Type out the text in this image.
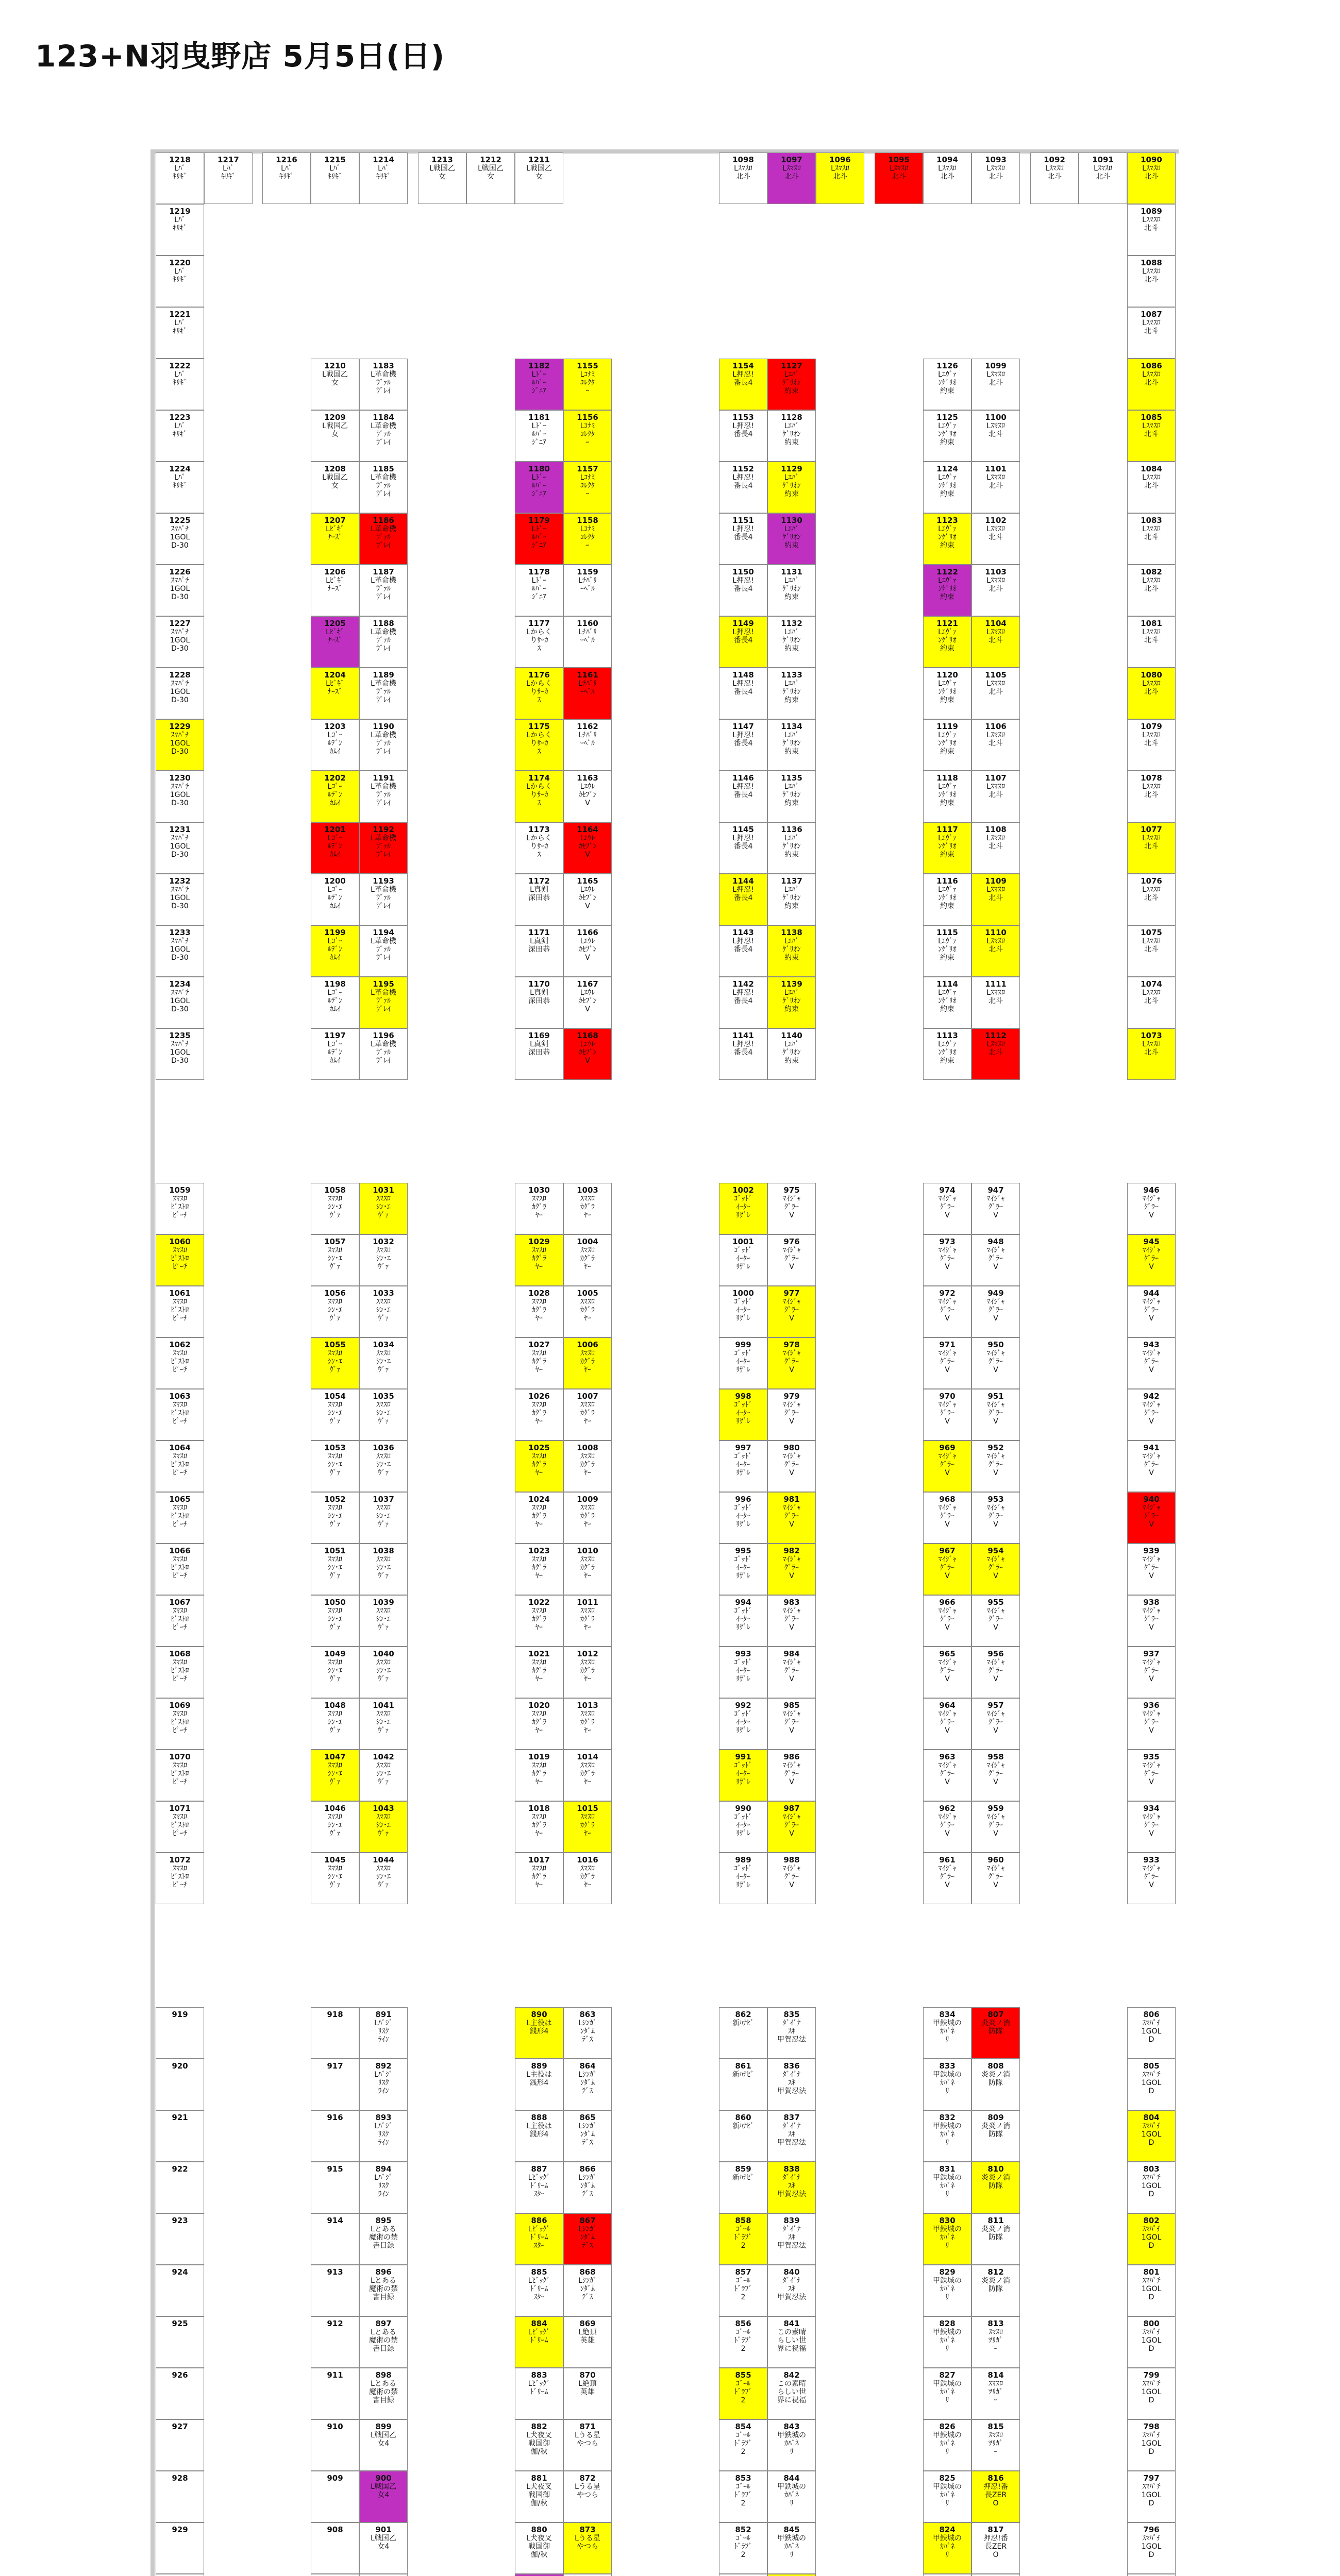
123+N羽曳野店 5月5日(日)
806
ｽﾏﾊﾟﾁ
1GOL
D
805
ｽﾏﾊﾟﾁ
1GOL
D
804
ｽﾏﾊﾟﾁ
1GOL
D
803
ｽﾏﾊﾟﾁ
1GOL
D
802
ｽﾏﾊﾟﾁ
1GOL
D
801
ｽﾏﾊﾟﾁ
1GOL
D
800
ｽﾏﾊﾟﾁ
1GOL
D
799
ｽﾏﾊﾟﾁ
1GOL
D
798
ｽﾏﾊﾟﾁ
1GOL
D
797
ｽﾏﾊﾟﾁ
1GOL
D
796
ｽﾏﾊﾟﾁ
1GOL
D
807
炎炎ノ消
防隊
808
炎炎ノ消
防隊
809
炎炎ノ消
防隊
810
炎炎ノ消
防隊
811
炎炎ノ消
防隊
812
炎炎ノ消
防隊
813
ｽﾏｽﾛ
ﾂﾘｶﾞ
ｰ
814
ｽﾏｽﾛ
ﾂﾘｶﾞ
ｰ
815
ｽﾏｽﾛ
ﾂﾘｶﾞ
ｰ
816
押忍!番
長ZER
O
817
押忍!番
長ZER
O
834
甲鉄城の
ｶﾊﾞﾈ
ﾘ
833
甲鉄城の
ｶﾊﾞﾈ
ﾘ
832
甲鉄城の
ｶﾊﾞﾈ
ﾘ
831
甲鉄城の
ｶﾊﾞﾈ
ﾘ
830
甲鉄城の
ｶﾊﾞﾈ
ﾘ
829
甲鉄城の
ｶﾊﾞﾈ
ﾘ
828
甲鉄城の
ｶﾊﾞﾈ
ﾘ
827
甲鉄城の
ｶﾊﾞﾈ
ﾘ
826
甲鉄城の
ｶﾊﾞﾈ
ﾘ
825
甲鉄城の
ｶﾊﾞﾈ
ﾘ
824
甲鉄城の
ｶﾊﾞﾈ
ﾘ
835
ﾀﾞｲﾞﾅ
ｽｷ
甲賀忍法
836
ﾀﾞｲﾞﾅ
ｽｷ
甲賀忍法
837
ﾀﾞｲﾞﾅ
ｽｷ
甲賀忍法
838
ﾀﾞｲﾞﾅ
ｽｷ
甲賀忍法
839
ﾀﾞｲﾞﾅ
ｽｷ
甲賀忍法
840
ﾀﾞｲﾞﾅ
ｽｷ
甲賀忍法
841
この素晴
らしい世
界に祝福
842
この素晴
らしい世
界に祝福
843
甲鉄城の
ｶﾊﾞﾈ
ﾘ
844
甲鉄城の
ｶﾊﾞﾈ
ﾘ
845
甲鉄城の
ｶﾊﾞﾈ
ﾘ
858
ｺﾞｰﾙ
ﾄﾞﾗﾌﾞ
2
857
ｺﾞｰﾙ
ﾄﾞﾗﾌﾞ
2
856
ｺﾞｰﾙ
ﾄﾞﾗﾌﾞ
2
855
ｺﾞｰﾙ
ﾄﾞﾗﾌﾞ
2
854
ｺﾞｰﾙ
ﾄﾞﾗﾌﾞ
2
853
ｺﾞｰﾙ
ﾄﾞﾗﾌﾞ
2
852
ｺﾞｰﾙ
ﾄﾞﾗﾌﾞ
2
862
新ﾊﾅﾋﾞ

861
新ﾊﾅﾋﾞ

860
新ﾊﾅﾋﾞ

859
新ﾊﾅﾋﾞ

863
Lｼﾝｶﾞ
ﾝﾀﾞﾑ
ﾃﾞｽ
864
Lｼﾝｶﾞ
ﾝﾀﾞﾑ
ﾃﾞｽ
865
Lｼﾝｶﾞ
ﾝﾀﾞﾑ
ﾃﾞｽ
866
Lｼﾝｶﾞ
ﾝﾀﾞﾑ
ﾃﾞｽ
867
Lｼﾝｶﾞ
ﾝﾀﾞﾑ
ﾃﾞｽ
868
Lｼﾝｶﾞ
ﾝﾀﾞﾑ
ﾃﾞｽ
869
L絶頂
英雄
870
L絶頂
英雄
871
Lうる星
やつら
872
Lうる星
やつら
873
Lうる星
やつら
882
L犬夜叉
戦国御
伽/秋
881
L犬夜叉
戦国御
伽/秋
880
L犬夜叉
戦国御
伽/秋
884
Lﾋﾞｯｸﾞ
ﾄﾞﾘｰﾑ
883
Lﾋﾞｯｸﾞ
ﾄﾞﾘｰﾑ
887
Lﾋﾞｯｸﾞ
ﾄﾞﾘｰﾑ
ｽﾀｰ
886
Lﾋﾞｯｸﾞ
ﾄﾞﾘｰﾑ
ｽﾀｰ
885
Lﾋﾞｯｸﾞ
ﾄﾞﾘｰﾑ
ｽﾀｰ
890
L主役は
銭形4
889
L主役は
銭形4
888
L主役は
銭形4
891
Lﾊﾞｼﾞ
ﾘｽｸ
ﾗｲﾝ
892
Lﾊﾞｼﾞ
ﾘｽｸ
ﾗｲﾝ
893
Lﾊﾞｼﾞ
ﾘｽｸ
ﾗｲﾝ
894
Lﾊﾞｼﾞ
ﾘｽｸ
ﾗｲﾝ
895
Lとある
魔術の禁
書目録
896
Lとある
魔術の禁
書目録
897
Lとある
魔術の禁
書目録
898
Lとある
魔術の禁
書目録
899
L戦国乙
女4
900
L戦国乙
女4
901
L戦国乙
女4
918
917
916
915
914
913
912
911
910
909
908
919
920
921
922
923
924
925
926
927
928
929
946
ﾏｲｼﾞｬ
ｸﾞﾗｰ
V
945
ﾏｲｼﾞｬ
ｸﾞﾗｰ
V
944
ﾏｲｼﾞｬ
ｸﾞﾗｰ
V
943
ﾏｲｼﾞｬ
ｸﾞﾗｰ
V
942
ﾏｲｼﾞｬ
ｸﾞﾗｰ
V
941
ﾏｲｼﾞｬ
ｸﾞﾗｰ
V
940
ﾏｲｼﾞｬ
ｸﾞﾗｰ
V
939
ﾏｲｼﾞｬ
ｸﾞﾗｰ
V
938
ﾏｲｼﾞｬ
ｸﾞﾗｰ
V
937
ﾏｲｼﾞｬ
ｸﾞﾗｰ
V
936
ﾏｲｼﾞｬ
ｸﾞﾗｰ
V
935
ﾏｲｼﾞｬ
ｸﾞﾗｰ
V
934
ﾏｲｼﾞｬ
ｸﾞﾗｰ
V
933
ﾏｲｼﾞｬ
ｸﾞﾗｰ
V
947
ﾏｲｼﾞｬ
ｸﾞﾗｰ
V
948
ﾏｲｼﾞｬ
ｸﾞﾗｰ
V
949
ﾏｲｼﾞｬ
ｸﾞﾗｰ
V
950
ﾏｲｼﾞｬ
ｸﾞﾗｰ
V
951
ﾏｲｼﾞｬ
ｸﾞﾗｰ
V
952
ﾏｲｼﾞｬ
ｸﾞﾗｰ
V
953
ﾏｲｼﾞｬ
ｸﾞﾗｰ
V
954
ﾏｲｼﾞｬ
ｸﾞﾗｰ
V
955
ﾏｲｼﾞｬ
ｸﾞﾗｰ
V
956
ﾏｲｼﾞｬ
ｸﾞﾗｰ
V
957
ﾏｲｼﾞｬ
ｸﾞﾗｰ
V
958
ﾏｲｼﾞｬ
ｸﾞﾗｰ
V
959
ﾏｲｼﾞｬ
ｸﾞﾗｰ
V
960
ﾏｲｼﾞｬ
ｸﾞﾗｰ
V
974
ﾏｲｼﾞｬ
ｸﾞﾗｰ
V
973
ﾏｲｼﾞｬ
ｸﾞﾗｰ
V
972
ﾏｲｼﾞｬ
ｸﾞﾗｰ
V
971
ﾏｲｼﾞｬ
ｸﾞﾗｰ
V
970
ﾏｲｼﾞｬ
ｸﾞﾗｰ
V
969
ﾏｲｼﾞｬ
ｸﾞﾗｰ
V
968
ﾏｲｼﾞｬ
ｸﾞﾗｰ
V
967
ﾏｲｼﾞｬ
ｸﾞﾗｰ
V
966
ﾏｲｼﾞｬ
ｸﾞﾗｰ
V
965
ﾏｲｼﾞｬ
ｸﾞﾗｰ
V
964
ﾏｲｼﾞｬ
ｸﾞﾗｰ
V
963
ﾏｲｼﾞｬ
ｸﾞﾗｰ
V
962
ﾏｲｼﾞｬ
ｸﾞﾗｰ
V
961
ﾏｲｼﾞｬ
ｸﾞﾗｰ
V
975
ﾏｲｼﾞｬ
ｸﾞﾗｰ
V
976
ﾏｲｼﾞｬ
ｸﾞﾗｰ
V
977
ﾏｲｼﾞｬ
ｸﾞﾗｰ
V
978
ﾏｲｼﾞｬ
ｸﾞﾗｰ
V
979
ﾏｲｼﾞｬ
ｸﾞﾗｰ
V
980
ﾏｲｼﾞｬ
ｸﾞﾗｰ
V
981
ﾏｲｼﾞｬ
ｸﾞﾗｰ
V
982
ﾏｲｼﾞｬ
ｸﾞﾗｰ
V
983
ﾏｲｼﾞｬ
ｸﾞﾗｰ
V
984
ﾏｲｼﾞｬ
ｸﾞﾗｰ
V
985
ﾏｲｼﾞｬ
ｸﾞﾗｰ
V
986
ﾏｲｼﾞｬ
ｸﾞﾗｰ
V
987
ﾏｲｼﾞｬ
ｸﾞﾗｰ
V
988
ﾏｲｼﾞｬ
ｸﾞﾗｰ
V
1002
ｺﾞｯﾄﾞ
ｲｰﾀｰ
ﾘｻﾞﾚ
1001
ｺﾞｯﾄﾞ
ｲｰﾀｰ
ﾘｻﾞﾚ
1000
ｺﾞｯﾄﾞ
ｲｰﾀｰ
ﾘｻﾞﾚ
999
ｺﾞｯﾄﾞ
ｲｰﾀｰ
ﾘｻﾞﾚ
998
ｺﾞｯﾄﾞ
ｲｰﾀｰ
ﾘｻﾞﾚ
997
ｺﾞｯﾄﾞ
ｲｰﾀｰ
ﾘｻﾞﾚ
996
ｺﾞｯﾄﾞ
ｲｰﾀｰ
ﾘｻﾞﾚ
995
ｺﾞｯﾄﾞ
ｲｰﾀｰ
ﾘｻﾞﾚ
994
ｺﾞｯﾄﾞ
ｲｰﾀｰ
ﾘｻﾞﾚ
993
ｺﾞｯﾄﾞ
ｲｰﾀｰ
ﾘｻﾞﾚ
992
ｺﾞｯﾄﾞ
ｲｰﾀｰ
ﾘｻﾞﾚ
991
ｺﾞｯﾄﾞ
ｲｰﾀｰ
ﾘｻﾞﾚ
990
ｺﾞｯﾄﾞ
ｲｰﾀｰ
ﾘｻﾞﾚ
989
ｺﾞｯﾄﾞ
ｲｰﾀｰ
ﾘｻﾞﾚ
1003
ｽﾏｽﾛ
ｶｸﾞﾗ
ﾔｰ
1004
ｽﾏｽﾛ
ｶｸﾞﾗ
ﾔｰ
1005
ｽﾏｽﾛ
ｶｸﾞﾗ
ﾔｰ
1006
ｽﾏｽﾛ
ｶｸﾞﾗ
ﾔｰ
1007
ｽﾏｽﾛ
ｶｸﾞﾗ
ﾔｰ
1008
ｽﾏｽﾛ
ｶｸﾞﾗ
ﾔｰ
1009
ｽﾏｽﾛ
ｶｸﾞﾗ
ﾔｰ
1010
ｽﾏｽﾛ
ｶｸﾞﾗ
ﾔｰ
1011
ｽﾏｽﾛ
ｶｸﾞﾗ
ﾔｰ
1012
ｽﾏｽﾛ
ｶｸﾞﾗ
ﾔｰ
1013
ｽﾏｽﾛ
ｶｸﾞﾗ
ﾔｰ
1014
ｽﾏｽﾛ
ｶｸﾞﾗ
ﾔｰ
1015
ｽﾏｽﾛ
ｶｸﾞﾗ
ﾔｰ
1016
ｽﾏｽﾛ
ｶｸﾞﾗ
ﾔｰ
1030
ｽﾏｽﾛ
ｶｸﾞﾗ
ﾔｰ
1029
ｽﾏｽﾛ
ｶｸﾞﾗ
ﾔｰ
1028
ｽﾏｽﾛ
ｶｸﾞﾗ
ﾔｰ
1027
ｽﾏｽﾛ
ｶｸﾞﾗ
ﾔｰ
1026
ｽﾏｽﾛ
ｶｸﾞﾗ
ﾔｰ
1025
ｽﾏｽﾛ
ｶｸﾞﾗ
ﾔｰ
1024
ｽﾏｽﾛ
ｶｸﾞﾗ
ﾔｰ
1023
ｽﾏｽﾛ
ｶｸﾞﾗ
ﾔｰ
1022
ｽﾏｽﾛ
ｶｸﾞﾗ
ﾔｰ
1021
ｽﾏｽﾛ
ｶｸﾞﾗ
ﾔｰ
1020
ｽﾏｽﾛ
ｶｸﾞﾗ
ﾔｰ
1019
ｽﾏｽﾛ
ｶｸﾞﾗ
ﾔｰ
1018
ｽﾏｽﾛ
ｶｸﾞﾗ
ﾔｰ
1017
ｽﾏｽﾛ
ｶｸﾞﾗ
ﾔｰ
1031
ｽﾏｽﾛ
ｼﾝ･ｴ
ｳﾞｧ
1032
ｽﾏｽﾛ
ｼﾝ･ｴ
ｳﾞｧ
1033
ｽﾏｽﾛ
ｼﾝ･ｴ
ｳﾞｧ
1034
ｽﾏｽﾛ
ｼﾝ･ｴ
ｳﾞｧ
1035
ｽﾏｽﾛ
ｼﾝ･ｴ
ｳﾞｧ
1036
ｽﾏｽﾛ
ｼﾝ･ｴ
ｳﾞｧ
1037
ｽﾏｽﾛ
ｼﾝ･ｴ
ｳﾞｧ
1038
ｽﾏｽﾛ
ｼﾝ･ｴ
ｳﾞｧ
1039
ｽﾏｽﾛ
ｼﾝ･ｴ
ｳﾞｧ
1040
ｽﾏｽﾛ
ｼﾝ･ｴ
ｳﾞｧ
1041
ｽﾏｽﾛ
ｼﾝ･ｴ
ｳﾞｧ
1042
ｽﾏｽﾛ
ｼﾝ･ｴ
ｳﾞｧ
1043
ｽﾏｽﾛ
ｼﾝ･ｴ
ｳﾞｧ
1044
ｽﾏｽﾛ
ｼﾝ･ｴ
ｳﾞｧ
1058
ｽﾏｽﾛ
ｼﾝ･ｴ
ｳﾞｧ
1057
ｽﾏｽﾛ
ｼﾝ･ｴ
ｳﾞｧ
1056
ｽﾏｽﾛ
ｼﾝ･ｴ
ｳﾞｧ
1055
ｽﾏｽﾛ
ｼﾝ･ｴ
ｳﾞｧ
1054
ｽﾏｽﾛ
ｼﾝ･ｴ
ｳﾞｧ
1053
ｽﾏｽﾛ
ｼﾝ･ｴ
ｳﾞｧ
1052
ｽﾏｽﾛ
ｼﾝ･ｴ
ｳﾞｧ
1051
ｽﾏｽﾛ
ｼﾝ･ｴ
ｳﾞｧ
1050
ｽﾏｽﾛ
ｼﾝ･ｴ
ｳﾞｧ
1049
ｽﾏｽﾛ
ｼﾝ･ｴ
ｳﾞｧ
1048
ｽﾏｽﾛ
ｼﾝ･ｴ
ｳﾞｧ
1047
ｽﾏｽﾛ
ｼﾝ･ｴ
ｳﾞｧ
1046
ｽﾏｽﾛ
ｼﾝ･ｴ
ｳﾞｧ
1045
ｽﾏｽﾛ
ｼﾝ･ｴ
ｳﾞｧ
1059
ｽﾏｽﾛ
ﾋﾞｽﾄﾛ
ﾋﾟｰﾁ
1060
ｽﾏｽﾛ
ﾋﾞｽﾄﾛ
ﾋﾟｰﾁ
1061
ｽﾏｽﾛ
ﾋﾞｽﾄﾛ
ﾋﾟｰﾁ
1062
ｽﾏｽﾛ
ﾋﾞｽﾄﾛ
ﾋﾟｰﾁ
1063
ｽﾏｽﾛ
ﾋﾞｽﾄﾛ
ﾋﾟｰﾁ
1064
ｽﾏｽﾛ
ﾋﾞｽﾄﾛ
ﾋﾟｰﾁ
1065
ｽﾏｽﾛ
ﾋﾞｽﾄﾛ
ﾋﾟｰﾁ
1066
ｽﾏｽﾛ
ﾋﾞｽﾄﾛ
ﾋﾟｰﾁ
1067
ｽﾏｽﾛ
ﾋﾞｽﾄﾛ
ﾋﾟｰﾁ
1068
ｽﾏｽﾛ
ﾋﾞｽﾄﾛ
ﾋﾟｰﾁ
1069
ｽﾏｽﾛ
ﾋﾞｽﾄﾛ
ﾋﾟｰﾁ
1070
ｽﾏｽﾛ
ﾋﾞｽﾄﾛ
ﾋﾟｰﾁ
1071
ｽﾏｽﾛ
ﾋﾞｽﾄﾛ
ﾋﾟｰﾁ
1072
ｽﾏｽﾛ
ﾋﾞｽﾄﾛ
ﾋﾟｰﾁ
1089
Lｽﾏｽﾛ
北斗
1088
Lｽﾏｽﾛ
北斗
1087
Lｽﾏｽﾛ
北斗
1086
Lｽﾏｽﾛ
北斗
1085
Lｽﾏｽﾛ
北斗
1084
Lｽﾏｽﾛ
北斗
1083
Lｽﾏｽﾛ
北斗
1082
Lｽﾏｽﾛ
北斗
1081
Lｽﾏｽﾛ
北斗
1080
Lｽﾏｽﾛ
北斗
1079
Lｽﾏｽﾛ
北斗
1078
Lｽﾏｽﾛ
北斗
1077
Lｽﾏｽﾛ
北斗
1076
Lｽﾏｽﾛ
北斗
1075
Lｽﾏｽﾛ
北斗
1074
Lｽﾏｽﾛ
北斗
1073
Lｽﾏｽﾛ
北斗
1090
Lｽﾏｽﾛ
北斗
1091
Lｽﾏｽﾛ
北斗
1092
Lｽﾏｽﾛ
北斗
1093
Lｽﾏｽﾛ
北斗
1094
Lｽﾏｽﾛ
北斗
1095
Lｽﾏｽﾛ
北斗
1096
Lｽﾏｽﾛ
北斗
1097
Lｽﾏｽﾛ
北斗
1098
Lｽﾏｽﾛ
北斗
1099
Lｽﾏｽﾛ
北斗
1100
Lｽﾏｽﾛ
北斗
1101
Lｽﾏｽﾛ
北斗
1102
Lｽﾏｽﾛ
北斗
1103
Lｽﾏｽﾛ
北斗
1104
Lｽﾏｽﾛ
北斗
1105
Lｽﾏｽﾛ
北斗
1106
Lｽﾏｽﾛ
北斗
1107
Lｽﾏｽﾛ
北斗
1108
Lｽﾏｽﾛ
北斗
1109
Lｽﾏｽﾛ
北斗
1110
Lｽﾏｽﾛ
北斗
1111
Lｽﾏｽﾛ
北斗
1112
Lｽﾏｽﾛ
北斗
1126
Lｴｳﾞｧ
ﾝｹﾞﾘｵ
約束
1125
Lｴｳﾞｧ
ﾝｹﾞﾘｵ
約束
1124
Lｴｳﾞｧ
ﾝｹﾞﾘｵ
約束
1123
Lｴｳﾞｧ
ﾝｹﾞﾘｵ
約束
1122
Lｴｳﾞｧ
ﾝｹﾞﾘｵ
約束
1121
Lｴｳﾞｧ
ﾝｹﾞﾘｵ
約束
1120
Lｴｳﾞｧ
ﾝｹﾞﾘｵ
約束
1119
Lｴｳﾞｧ
ﾝｹﾞﾘｵ
約束
1118
Lｴｳﾞｧ
ﾝｹﾞﾘｵ
約束
1117
Lｴｳﾞｧ
ﾝｹﾞﾘｵ
約束
1116
Lｴｳﾞｧ
ﾝｹﾞﾘｵ
約束
1115
Lｴｳﾞｧ
ﾝｹﾞﾘｵ
約束
1114
Lｴｳﾞｧ
ﾝｹﾞﾘｵ
約束
1113
Lｴｳﾞｧ
ﾝｹﾞﾘｵ
約束
1127
Lｴﾊﾞ
ｹﾞﾘｵﾝ
約束
1128
Lｴﾊﾞ
ｹﾞﾘｵﾝ
約束
1129
Lｴﾊﾞ
ｹﾞﾘｵﾝ
約束
1130
Lｴﾊﾞ
ｹﾞﾘｵﾝ
約束
1131
Lｴﾊﾞ
ｹﾞﾘｵﾝ
約束
1132
Lｴﾊﾞ
ｹﾞﾘｵﾝ
約束
1133
Lｴﾊﾞ
ｹﾞﾘｵﾝ
約束
1134
Lｴﾊﾞ
ｹﾞﾘｵﾝ
約束
1135
Lｴﾊﾞ
ｹﾞﾘｵﾝ
約束
1136
Lｴﾊﾞ
ｹﾞﾘｵﾝ
約束
1137
Lｴﾊﾞ
ｹﾞﾘｵﾝ
約束
1138
Lｴﾊﾞ
ｹﾞﾘｵﾝ
約束
1139
Lｴﾊﾞ
ｹﾞﾘｵﾝ
約束
1140
Lｴﾊﾞ
ｹﾞﾘｵﾝ
約束
1154
L押忍!
番長4
1153
L押忍!
番長4
1152
L押忍!
番長4
1151
L押忍!
番長4
1150
L押忍!
番長4
1149
L押忍!
番長4
1148
L押忍!
番長4
1147
L押忍!
番長4
1146
L押忍!
番長4
1145
L押忍!
番長4
1144
L押忍!
番長4
1143
L押忍!
番長4
1142
L押忍!
番長4
1141
L押忍!
番長4
1155
Lｺﾅﾐ
ｺﾚｸﾀ
ｰ
1156
Lｺﾅﾐ
ｺﾚｸﾀ
ｰ
1157
Lｺﾅﾐ
ｺﾚｸﾀ
ｰ
1158
Lｺﾅﾐ
ｺﾚｸﾀ
ｰ
1159
Lﾁﾊﾞﾘ
ｰﾍﾞﾙ
1160
Lﾁﾊﾞﾘ
ｰﾍﾞﾙ
1161
Lﾁﾊﾞﾘ
ｰﾍﾞﾙ
1162
Lﾁﾊﾞﾘ
ｰﾍﾞﾙ
1163
Lｴｳﾚ
ｶｾﾌﾞﾝ
V
1164
Lｴｳﾚ
ｶｾﾌﾞﾝ
V
1165
Lｴｳﾚ
ｶｾﾌﾞﾝ
V
1166
Lｴｳﾚ
ｶｾﾌﾞﾝ
V
1167
Lｴｳﾚ
ｶｾﾌﾞﾝ
V
1168
Lｴｳﾚ
ｶｾﾌﾞﾝ
V
1172
L真剣
深田恭
1171
L真剣
深田恭
1170
L真剣
深田恭
1169
L真剣
深田恭
1177
Lからく
りｻｰｶ
ｽ
1176
Lからく
りｻｰｶ
ｽ
1175
Lからく
りｻｰｶ
ｽ
1174
Lからく
りｻｰｶ
ｽ
1173
Lからく
りｻｰｶ
ｽ
1182
Lﾄﾞｰ
ﾙﾊﾞｰ
ｼﾞﾆｱ
1181
Lﾄﾞｰ
ﾙﾊﾞｰ
ｼﾞﾆｱ
1180
Lﾄﾞｰ
ﾙﾊﾞｰ
ｼﾞﾆｱ
1179
Lﾄﾞｰ
ﾙﾊﾞｰ
ｼﾞﾆｱ
1178
Lﾄﾞｰ
ﾙﾊﾞｰ
ｼﾞﾆｱ
1183
L革命機
ｳﾞｧﾙ
ｳﾞﾚｲ
1184
L革命機
ｳﾞｧﾙ
ｳﾞﾚｲ
1185
L革命機
ｳﾞｧﾙ
ｳﾞﾚｲ
1186
L革命機
ｳﾞｧﾙ
ｳﾞﾚｲ
1187
L革命機
ｳﾞｧﾙ
ｳﾞﾚｲ
1188
L革命機
ｳﾞｧﾙ
ｳﾞﾚｲ
1189
L革命機
ｳﾞｧﾙ
ｳﾞﾚｲ
1190
L革命機
ｳﾞｧﾙ
ｳﾞﾚｲ
1191
L革命機
ｳﾞｧﾙ
ｳﾞﾚｲ
1192
L革命機
ｳﾞｧﾙ
ｳﾞﾚｲ
1193
L革命機
ｳﾞｧﾙ
ｳﾞﾚｲ
1194
L革命機
ｳﾞｧﾙ
ｳﾞﾚｲ
1195
L革命機
ｳﾞｧﾙ
ｳﾞﾚｲ
1196
L革命機
ｳﾞｧﾙ
ｳﾞﾚｲ
1199
Lｺﾞｰ
ﾙﾃﾞﾝ
ｶﾑｲ
1198
Lｺﾞｰ
ﾙﾃﾞﾝ
ｶﾑｲ
1197
Lｺﾞｰ
ﾙﾃﾞﾝ
ｶﾑｲ
1203
Lｺﾞｰ
ﾙﾃﾞﾝ
ｶﾑｲ
1202
Lｺﾞｰ
ﾙﾃﾞﾝ
ｶﾑｲ
1201
Lｺﾞｰ
ﾙﾃﾞﾝ
ｶﾑｲ
1200
Lｺﾞｰ
ﾙﾃﾞﾝ
ｶﾑｲ
1207
Lﾋﾞｷﾞ
ﾅｰｽﾞ
1206
Lﾋﾞｷﾞ
ﾅｰｽﾞ
1205
Lﾋﾞｷﾞ
ﾅｰｽﾞ
1204
Lﾋﾞｷﾞ
ﾅｰｽﾞ
1210
L戦国乙
女
1209
L戦国乙
女
1208
L戦国乙
女
1211
L戦国乙
女
1212
L戦国乙
女
1213
L戦国乙
女
1214
Lﾊﾞ
ｷﾘｷﾞ
1215
Lﾊﾞ
ｷﾘｷﾞ
1216
Lﾊﾞ
ｷﾘｷﾞ
1217
Lﾊﾞ
ｷﾘｷﾞ
1218
Lﾊﾞ
ｷﾘｷﾞ
1219
Lﾊﾞ
ｷﾘｷﾞ
1220
Lﾊﾞ
ｷﾘｷﾞ
1221
Lﾊﾞ
ｷﾘｷﾞ
1222
Lﾊﾞ
ｷﾘｷﾞ
1223
Lﾊﾞ
ｷﾘｷﾞ
1224
Lﾊﾞ
ｷﾘｷﾞ
1225
ｽﾏﾊﾟﾁ
1GOL
D-30
1226
ｽﾏﾊﾟﾁ
1GOL
D-30
1227
ｽﾏﾊﾟﾁ
1GOL
D-30
1228
ｽﾏﾊﾟﾁ
1GOL
D-30
1229
ｽﾏﾊﾟﾁ
1GOL
D-30
1230
ｽﾏﾊﾟﾁ
1GOL
D-30
1231
ｽﾏﾊﾟﾁ
1GOL
D-30
1232
ｽﾏﾊﾟﾁ
1GOL
D-30
1233
ｽﾏﾊﾟﾁ
1GOL
D-30
1234
ｽﾏﾊﾟﾁ
1GOL
D-30
1235
ｽﾏﾊﾟﾁ
1GOL
D-30
